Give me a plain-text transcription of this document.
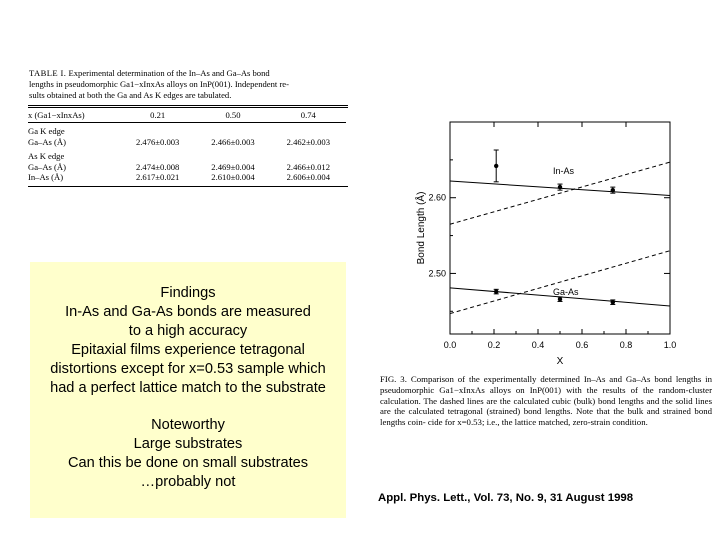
TABLE I. Experimental determination of the In–As and Ga–As bond
lengths in pseudomorphic Ga1−xInxAs alloys on InP(001). Independent re-
sults obtained at both the Ga and As K edges are tabulated.
x (Ga1−xInxAs)	0.21	0.50	0.74

Ga K edge			
Ga–As (Å)	2.476±0.003	2.466±0.003	2.462±0.003

As K edge			
Ga–As (Å)	2.474±0.008	2.469±0.004	2.466±0.012
In–As (Å)	2.617±0.021	2.610±0.004	2.606±0.004
Findings
In-As and Ga-As bonds are measured
to a high accuracy
Epitaxial films experience tetragonal
distortions except for x=0.53 sample which
had a perfect lattice match to the substrate
Noteworthy
Large substrates
Can this be done on small substrates
…probably not
0.0	0.2	0.4	0.6	0.8	1.0
2.50
2.60
In-As
Ga-As
Bond Length (Å)
X
FIG. 3. Comparison of the experimentally determined In–As and Ga–As bond lengths in pseudomorphic Ga1−xInxAs alloys on InP(001) with the results of the random-cluster calculation. The dashed lines are the calculated cubic (bulk) bond lengths and the solid lines are the calculated tetragonal (strained) bond lengths. Note that the bulk and strained bond lengths coin- cide for x=0.53; i.e., the lattice matched, zero-strain condition.
Appl. Phys. Lett., Vol. 73, No. 9, 31 August 1998
